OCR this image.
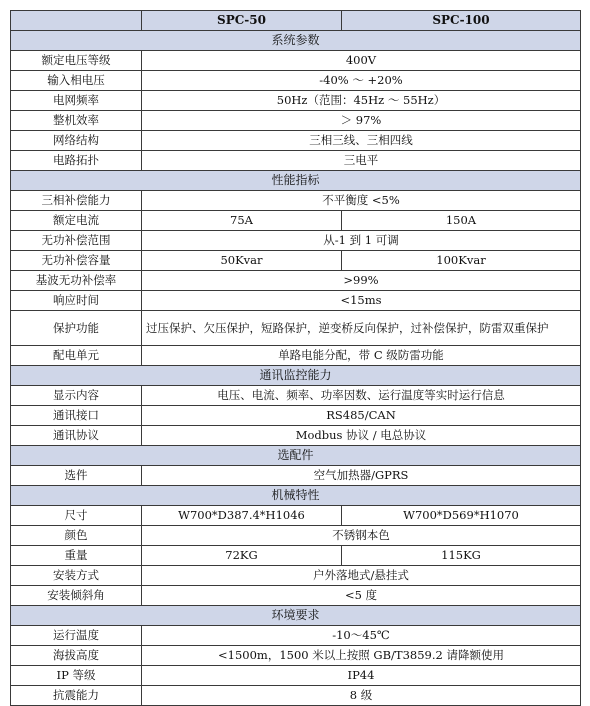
	SPC-50	SPC-100
系统参数		
额定电压等级	400V	
输入相电压	-40% ～ +20%	
电网频率	50Hz（范围：45Hz ～ 55Hz）	
整机效率	＞ 97%	
网络结构	三相三线、三相四线	
电路拓扑	三电平	
性能指标		
三相补偿能力	不平衡度 <5%	
额定电流	75A	150A
无功补偿范围	从-1 到 1 可调	
无功补偿容量	50Kvar	100Kvar
基波无功补偿率	>99%	
响应时间	<15ms	
保护功能	过压保护、欠压保护，短路保护，逆变桥反向保护，过补偿保护，防雷双重保护	
配电单元	单路电能分配，带 C 级防雷功能	
通讯监控能力		
显示内容	电压、电流、频率、功率因数、运行温度等实时运行信息	
通讯接口	RS485/CAN	
通讯协议	Modbus 协议 / 电总协议	
选配件		
选件	空气加热器/GPRS	
机械特性		
尺寸	W700*D387.4*H1046	W700*D569*H1070
颜色	不锈钢本色	
重量	72KG	115KG
安装方式	户外落地式/悬挂式	
安装倾斜角	<5 度	
环境要求		
运行温度	-10～45℃	
海拔高度	<1500m，1500 米以上按照 GB/T3859.2 请降额使用	
IP 等级	IP44	
抗震能力	8 级	
